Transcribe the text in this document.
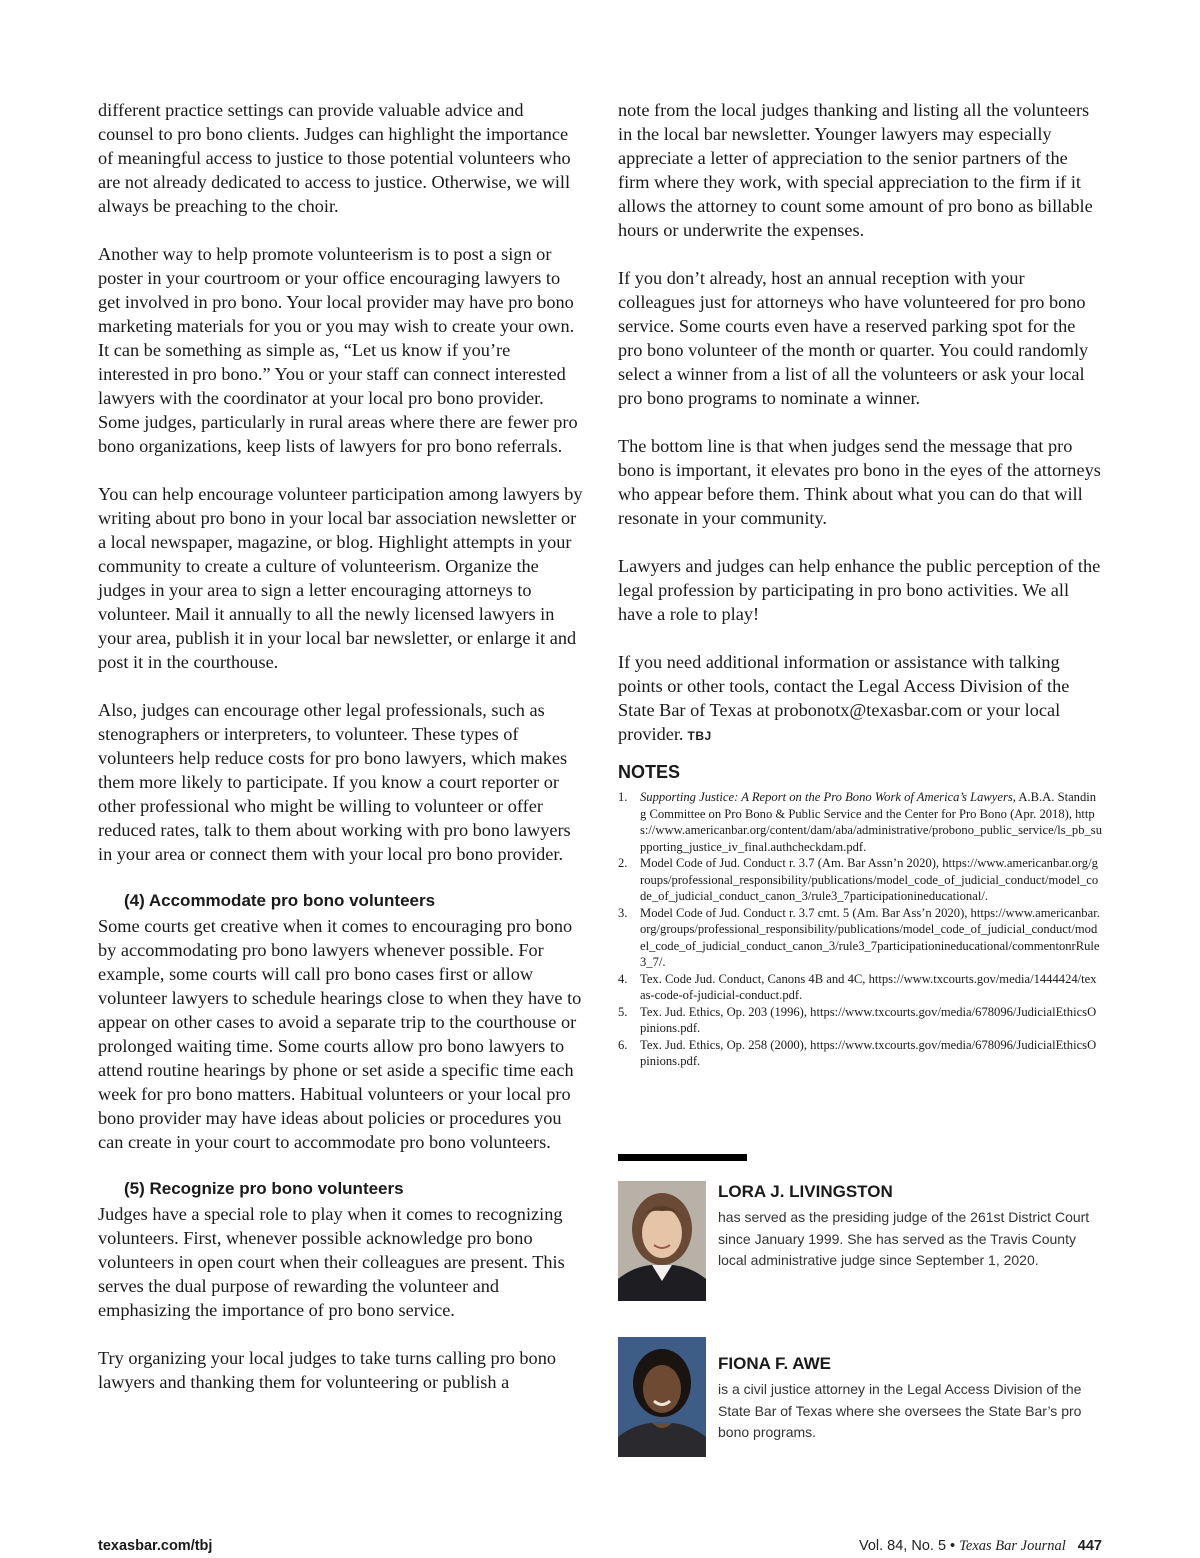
different practice settings can provide valuable advice and counsel to pro bono clients. Judges can highlight the importance of meaningful access to justice to those potential volunteers who are not already dedicated to access to justice. Otherwise, we will always be preaching to the choir.

Another way to help promote volunteerism is to post a sign or poster in your courtroom or your office encouraging lawyers to get involved in pro bono. Your local provider may have pro bono marketing materials for you or you may wish to create your own. It can be something as simple as, “Let us know if you’re interested in pro bono.” You or your staff can connect interested lawyers with the coordinator at your local pro bono provider. Some judges, particularly in rural areas where there are fewer pro bono organizations, keep lists of lawyers for pro bono referrals.

You can help encourage volunteer participation among lawyers by writing about pro bono in your local bar association newsletter or a local newspaper, magazine, or blog. Highlight attempts in your community to create a culture of volunteerism. Organize the judges in your area to sign a letter encouraging attorneys to volunteer. Mail it annually to all the newly licensed lawyers in your area, publish it in your local bar newsletter, or enlarge it and post it in the courthouse.

Also, judges can encourage other legal professionals, such as stenographers or interpreters, to volunteer. These types of volunteers help reduce costs for pro bono lawyers, which makes them more likely to participate. If you know a court reporter or other professional who might be willing to volunteer or offer reduced rates, talk to them about working with pro bono lawyers in your area or connect them with your local pro bono provider.

(4) Accommodate pro bono volunteers

Some courts get creative when it comes to encouraging pro bono by accommodating pro bono lawyers whenever possible. For example, some courts will call pro bono cases first or allow volunteer lawyers to schedule hearings close to when they have to appear on other cases to avoid a separate trip to the courthouse or prolonged waiting time. Some courts allow pro bono lawyers to attend routine hearings by phone or set aside a specific time each week for pro bono matters. Habitual volunteers or your local pro bono provider may have ideas about policies or procedures you can create in your court to accommodate pro bono volunteers.

(5) Recognize pro bono volunteers

Judges have a special role to play when it comes to recognizing volunteers. First, whenever possible acknowledge pro bono volunteers in open court when their colleagues are present. This serves the dual purpose of rewarding the volunteer and emphasizing the importance of pro bono service.

Try organizing your local judges to take turns calling pro bono lawyers and thanking them for volunteering or publish a

note from the local judges thanking and listing all the volunteers in the local bar newsletter. Younger lawyers may especially appreciate a letter of appreciation to the senior partners of the firm where they work, with special appreciation to the firm if it allows the attorney to count some amount of pro bono as billable hours or underwrite the expenses.

If you don’t already, host an annual reception with your colleagues just for attorneys who have volunteered for pro bono service. Some courts even have a reserved parking spot for the pro bono volunteer of the month or quarter. You could randomly select a winner from a list of all the volunteers or ask your local pro bono programs to nominate a winner.

The bottom line is that when judges send the message that pro bono is important, it elevates pro bono in the eyes of the attorneys who appear before them. Think about what you can do that will resonate in your community.

Lawyers and judges can help enhance the public perception of the legal profession by participating in pro bono activities. We all have a role to play!

If you need additional information or assistance with talking points or other tools, contact the Legal Access Division of the State Bar of Texas at probonotx@texasbar.com or your local provider. TBJ

NOTES
1. Supporting Justice: A Report on the Pro Bono Work of America’s Lawyers, A.B.A. Standing Committee on Pro Bono & Public Service and the Center for Pro Bono (Apr. 2018), https://www.americanbar.org/content/dam/aba/administrative/probono_public_service/ls_pb_supporting_justice_iv_final.authcheckdam.pdf.
2. Model Code of Jud. Conduct r. 3.7 (Am. Bar Assn’n 2020), https://www.americanbar.org/groups/professional_responsibility/publications/model_code_of_judicial_conduct/model_code_of_judicial_conduct_canon_3/rule3_7participationineducational/.
3. Model Code of Jud. Conduct r. 3.7 cmt. 5 (Am. Bar Ass’n 2020), https://www.americanbar.org/groups/professional_responsibility/publications/model_code_of_judicial_conduct/model_code_of_judicial_conduct_canon_3/rule3_7participationineducational/commentonrRule3_7/.
4. Tex. Code Jud. Conduct, Canons 4B and 4C, https://www.txcourts.gov/media/1444424/texas-code-of-judicial-conduct.pdf.
5. Tex. Jud. Ethics, Op. 203 (1996), https://www.txcourts.gov/media/678096/JudicialEthicsOpinions.pdf.
6. Tex. Jud. Ethics, Op. 258 (2000), https://www.txcourts.gov/media/678096/JudicialEthicsOpinions.pdf.
LORA J. LIVINGSTON

has served as the presiding judge of the 261st District Court since January 1999. She has served as the Travis County local administrative judge since September 1, 2020.

FIONA F. AWE

is a civil justice attorney in the Legal Access Division of the State Bar of Texas where she oversees the State Bar’s pro bono programs.

texasbar.com/tbj	Vol. 84, No. 5 • Texas Bar Journal 447
